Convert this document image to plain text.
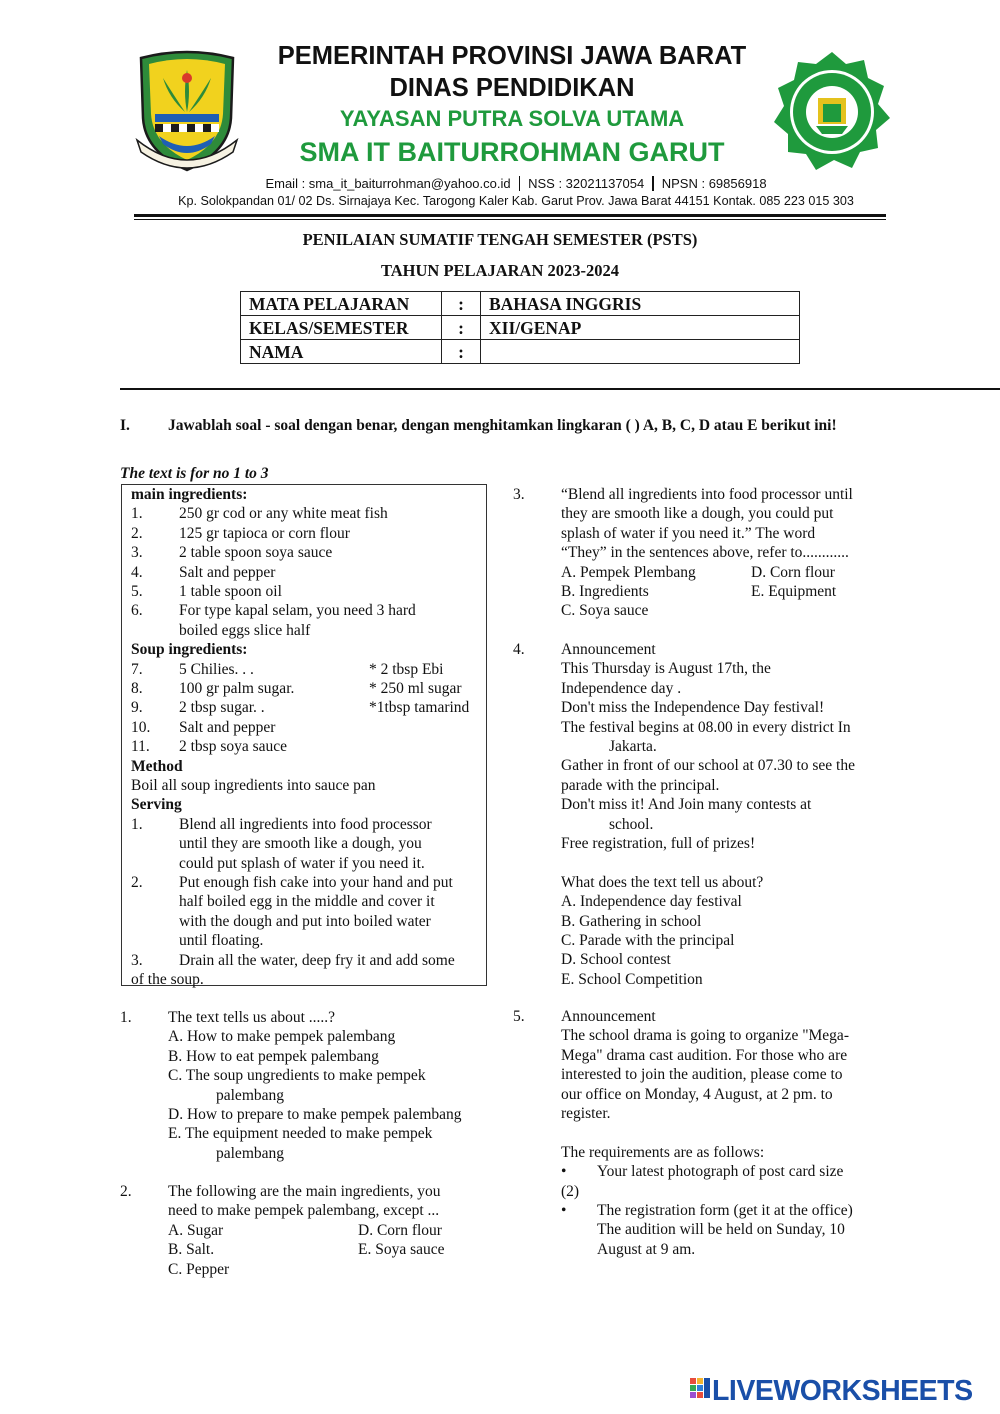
PEMERINTAH PROVINSI JAWA BARAT
DINAS PENDIDIKAN
YAYASAN PUTRA SOLVA UTAMA
SMA IT BAITURROHMAN GARUT
Email : sma_it_baiturrohman@yahoo.co.id NSS : 32021137054 NPSN : 69856918
Kp. Solokpandan 01/ 02 Ds. Sirnajaya Kec. Tarogong Kaler Kab. Garut Prov. Jawa Barat 44151 Kontak. 085 223 015 303
PENILAIAN SUMATIF TENGAH SEMESTER (PSTS)
TAHUN PELAJARAN 2023-2024
MATA PELAJARAN	:	BAHASA INGGRIS
KELAS/SEMESTER	:	XII/GENAP
NAMA	:	
I. Jawablah soal - soal dengan benar, dengan menghitamkan lingkaran ( ) A, B, C, D atau E berikut ini!
The text is for no 1 to 3
main ingredients:
1. 250 gr cod or any white meat fish
2. 125 gr tapioca or corn flour
3. 2 table spoon soya sauce
4. Salt and pepper
5. 1 table spoon oil
6. For type kapal selam, you need 3 hard
boiled eggs slice half
Soup ingredients:
7. 5 Chilies. . .	* 2 tbsp Ebi
8. 100 gr palm sugar.	* 250 ml sugar
9. 2 tbsp sugar. .	*1tbsp tamarind
10. Salt and pepper
11. 2 tbsp soya sauce
Method
Boil all soup ingredients into sauce pan
Serving
1. Blend all ingredients into food processor
until they are smooth like a dough, you
could put splash of water if you need it.
2. Put enough fish cake into your hand and put
half boiled egg in the middle and cover it
with the dough and put into boiled water
until floating.
3. Drain all the water, deep fry it and add some
of the soup.
1. The text tells us about .....?
A. How to make pempek palembang
B. How to eat pempek palembang
C. The soup ungredients to make pempek
palembang
D. How to prepare to make pempek palembang
E. The equipment needed to make pempek
palembang
2. The following are the main ingredients, you
need to make pempek palembang, except ...
A. Sugar	D. Corn flour
B. Salt.	E. Soya sauce
C. Pepper
3. “Blend all ingredients into food processor until
they are smooth like a dough, you could put
splash of water if you need it.” The word
“They” in the sentences above, refer to............
A. Pempek Plembang	D. Corn flour
B. Ingredients	E. Equipment
C. Soya sauce
4. Announcement
This Thursday is August 17th, the
Independence day .
Don't miss the Independence Day festival!
The festival begins at 08.00 in every district In
Jakarta.
Gather in front of our school at 07.30 to see the
parade with the principal.
Don't miss it! And Join many contests at
school.
Free registration, full of prizes!
What does the text tell us about?
A. Independence day festival
B. Gathering in school
C. Parade with the principal
D. School contest
E. School Competition
5. Announcement
The school drama is going to organize "Mega-
Mega" drama cast audition. For those who are
interested to join the audition, please come to
our office on Monday, 4 August, at 2 pm. to
register.
The requirements are as follows:
• Your latest photograph of post card size
(2)
• The registration form (get it at the office)
The audition will be held on Sunday, 10
August at 9 am.
LIVEWORKSHEETS
